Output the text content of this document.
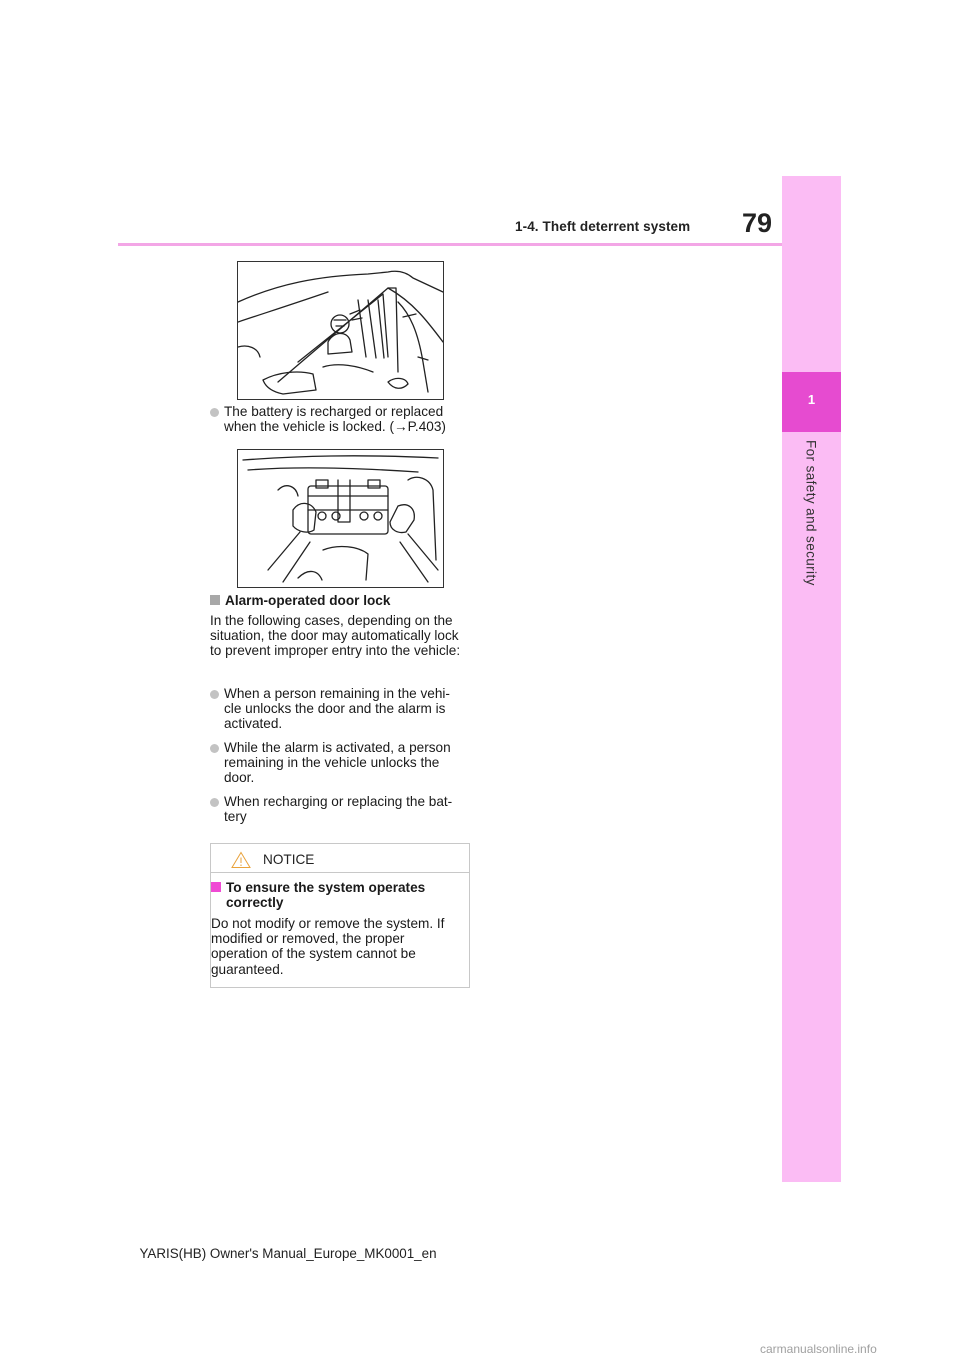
1-4. Theft deterrent system 79
1
For safety and security
The battery is recharged or replaced when the vehicle is locked. (→P.403)
Alarm-operated door lock
In the following cases, depending on the situation, the door may automatically lock to prevent improper entry into the vehicle:
When a person remaining in the vehi-cle unlocks the door and the alarm is activated.
While the alarm is activated, a person remaining in the vehicle unlocks the door.
When recharging or replacing the bat-tery
NOTICE
To ensure the system operates correctly
Do not modify or remove the system. If modified or removed, the proper operation of the system cannot be guaranteed.
YARIS(HB) Owner's Manual_Europe_MK0001_en
carmanualsonline.info
